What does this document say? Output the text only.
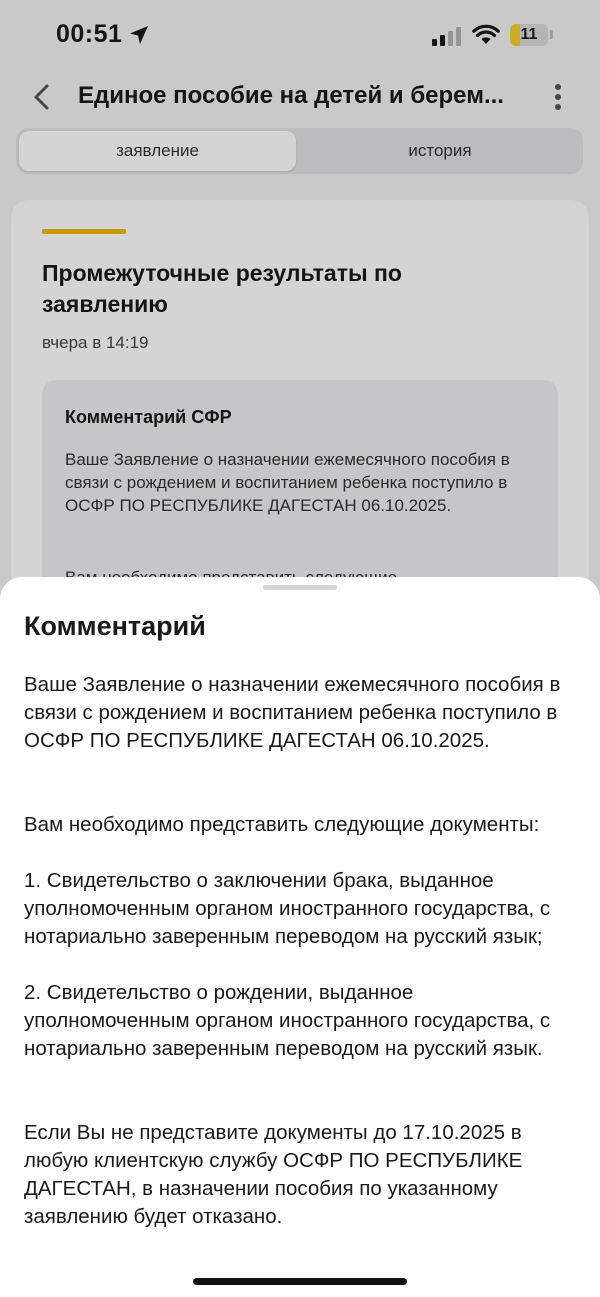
00:51	11
Единое пособие на детей и берем...
заявление	история
Промежуточные результаты по заявлению
вчера в 14:19
Комментарий СФР
Ваше Заявление о назначении ежемесячного пособия в связи с рождением и воспитанием ребенка поступило в ОСФР ПО РЕСПУБЛИКЕ ДАГЕСТАН 06.10.2025.
Комментарий
Ваше Заявление о назначении ежемесячного пособия в связи с рождением и воспитанием ребенка поступило в ОСФР ПО РЕСПУБЛИКЕ ДАГЕСТАН 06.10.2025.
Вам необходимо представить следующие документы:
1. Свидетельство о заключении брака, выданное уполномоченным органом иностранного государства, с нотариально заверенным переводом на русский язык;
2. Свидетельство о рождении, выданное уполномоченным органом иностранного государства, с нотариально заверенным переводом на русский язык.
Если Вы не представите документы до 17.10.2025 в любую клиентскую службу ОСФР ПО РЕСПУБЛИКЕ ДАГЕСТАН, в назначении пособия по указанному заявлению будет отказано.
